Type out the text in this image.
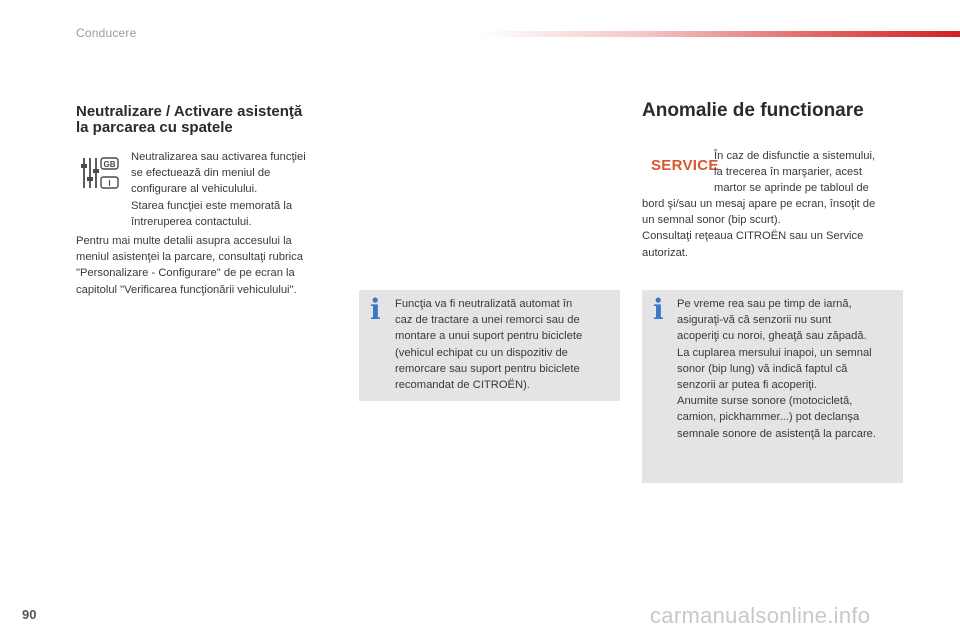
Conducere
Neutralizare / Activare asistenţă
la parcarea cu spatele
GB
I
Neutralizarea sau activarea funcţiei
se efectuează din meniul de
configurare al vehiculului.
Starea funcţiei este memorată la
întreruperea contactului.
Pentru mai multe detalii asupra accesului la
meniul asistenţei la parcare, consultaţi rubrica
"Personalizare - Configurare" de pe ecran la
capitolul "Verificarea funcţionării vehiculului".
i Funcţia va fi neutralizată automat în
caz de tractare a unei remorci sau de
montare a unui suport pentru biciclete
(vehicul echipat cu un dispozitiv de
remorcare sau suport pentru biciclete
recomandat de CITROËN).
Anomalie de functionare
SERVICE
În caz de disfunctie a sistemului,
la trecerea în marşarier, acest
martor se aprinde pe tabloul de
bord şi/sau un mesaj apare pe ecran, însoţit de
un semnal sonor (bip scurt).
Consultaţi reţeaua CITROËN sau un Service
autorizat.
i Pe vreme rea sau pe timp de iarnă,
asiguraţi-vă că senzorii nu sunt
acoperiţi cu noroi, gheaţă sau zăpadă.
La cuplarea mersului inapoi, un semnal
sonor (bip lung) vă indică faptul că
senzorii ar putea fi acoperiţi.
Anumite surse sonore (motocicletă,
camion, pickhammer...) pot declanşa
semnale sonore de asistenţă la parcare.
90	carmanualsonline.info
